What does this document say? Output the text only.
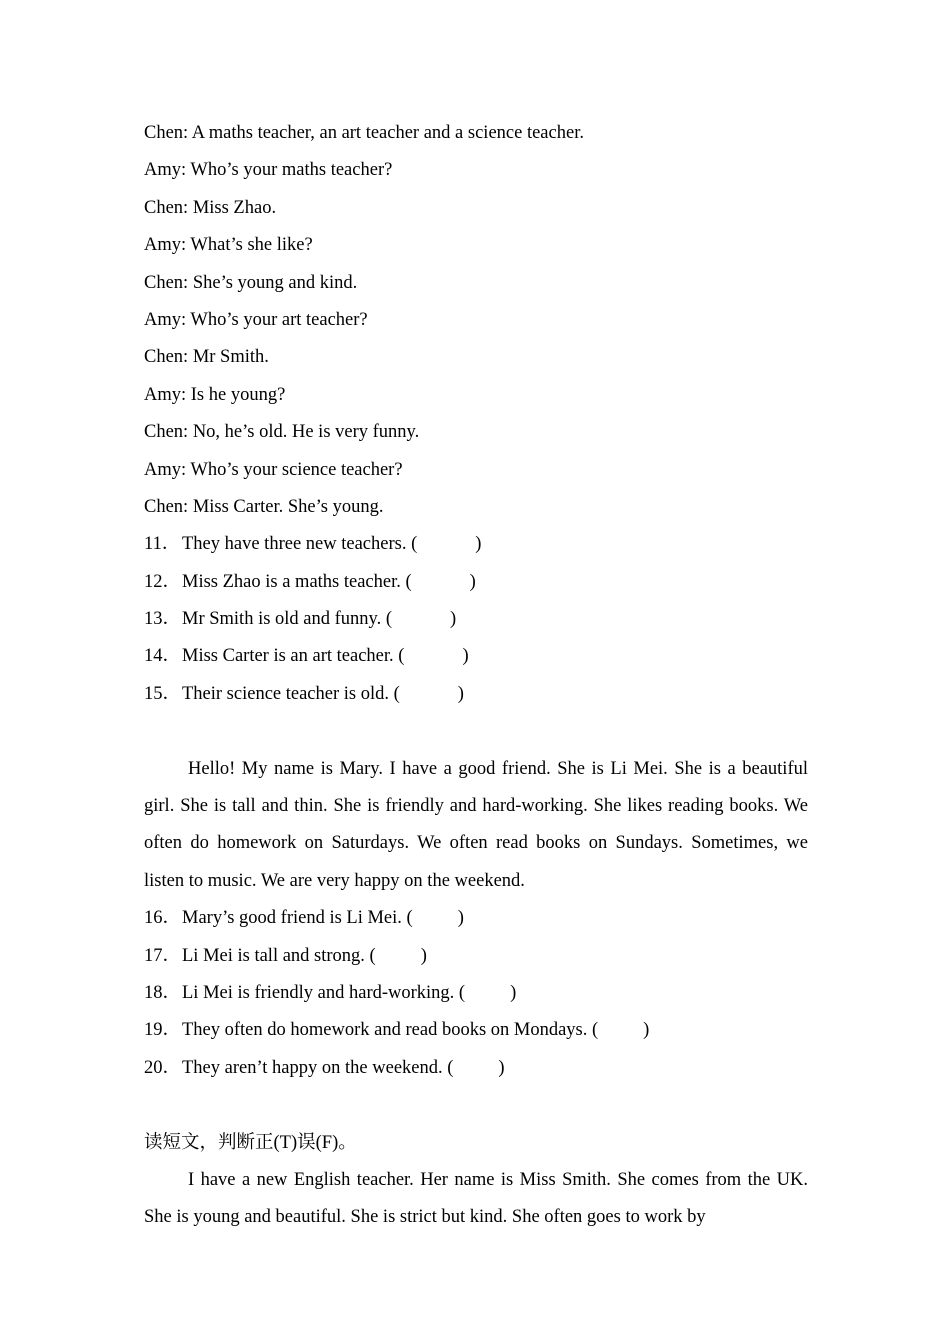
Chen: A maths teacher, an art teacher and a science teacher.
Amy: Who’s your maths teacher?
Chen: Miss Zhao.
Amy: What’s she like?
Chen: She’s young and kind.
Amy: Who’s your art teacher?
Chen: Mr Smith.
Amy: Is he young?
Chen: No, he’s old. He is very funny.
Amy: Who’s your science teacher?
Chen: Miss Carter. She’s young.
11． They have three new teachers. (	)
12． Miss Zhao is a maths teacher. (	)
13． Mr Smith is old and funny. (	)
14． Miss Carter is an art teacher. (	)
15． Their science teacher is old. (	)

Hello! My name is Mary. I have a good friend. She is Li Mei. She is a beautiful girl. She is tall and thin. She is friendly and hard-working. She likes reading books. We often do homework on Saturdays. We often read books on Sundays. Sometimes, we listen to music. We are very happy on the weekend.

16． Mary’s good friend is Li Mei. ( )
17． Li Mei is tall and strong. ( )
18． Li Mei is friendly and hard-working. ( )
19． They often do homework and read books on Mondays. ( )
20． They aren’t happy on the weekend. ( )
读短文，判断正(T)误(F)。

I have a new English teacher. Her name is Miss Smith. She comes from the UK. She is young and beautiful. She is strict but kind. She often goes to work by
